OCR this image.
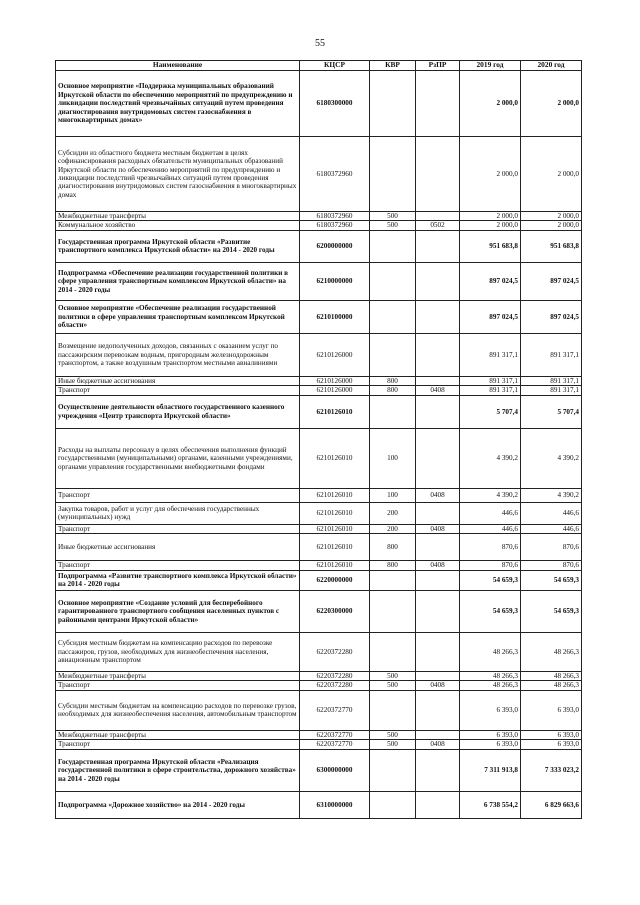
55
Наименование	КЦСР	КВР	РзПР	2019 год	2020 год
Основное мероприятие «Поддержка муниципальных образований Иркутской области по обеспечению мероприятий по предупреждению и ликвидации последствий чрезвычайных ситуаций путем проведения диагностирования внутридомовых систем газоснабжения в многоквартирных домах»	6180300000			2 000,0	2 000,0
Субсидии из областного бюджета местным бюджетам в целях софинансирования расходных обязательств муниципальных образований Иркутской области по обеспечению мероприятий по предупреждению и ликвидации последствий чрезвычайных ситуаций путем проведения диагностирования внутридомовых систем газоснабжения в многоквартирных домах	6180372960			2 000,0	2 000,0
Межбюджетные трансферты	6180372960	500		2 000,0	2 000,0
Коммунальное хозяйство	6180372960	500	0502	2 000,0	2 000,0
Государственная программа Иркутской области «Развитие транспортного комплекса Иркутской области» на 2014 - 2020 годы	6200000000			951 683,8	951 683,8
Подпрограмма «Обеспечение реализации государственной политики в сфере управления транспортным комплексом Иркутской области» на 2014 - 2020 годы	6210000000			897 024,5	897 024,5
Основное мероприятие «Обеспечение реализации государственной политики в сфере управления транспортным комплексом Иркутской области»	6210100000			897 024,5	897 024,5
Возмещение недополученных доходов, связанных с оказанием услуг по пассажирским перевозкам водным, пригородным железнодорожным транспортом, а также воздушным транспортом местными авиалиниями	6210126000			891 317,1	891 317,1
Иные бюджетные ассигнования	6210126000	800		891 317,1	891 317,1
Транспорт	6210126000	800	0408	891 317,1	891 317,1
Осуществление деятельности областного государственного казенного учреждения «Центр транспорта Иркутской области»	6210126010			5 707,4	5 707,4
Расходы на выплаты персоналу в целях обеспечения выполнения функций государственными (муниципальными) органами, казенными учреждениями, органами управления государственными внебюджетными фондами	6210126010	100		4 390,2	4 390,2
Транспорт	6210126010	100	0408	4 390,2	4 390,2
Закупка товаров, работ и услуг для обеспечения государственных (муниципальных) нужд	6210126010	200		446,6	446,6
Транспорт	6210126010	200	0408	446,6	446,6
Иные бюджетные ассигнования	6210126010	800		870,6	870,6
Транспорт	6210126010	800	0408	870,6	870,6
Подпрограмма «Развитие транспортного комплекса Иркутской области» на 2014 - 2020 годы	6220000000			54 659,3	54 659,3
Основное мероприятие «Создание условий для бесперебойного гарантированного транспортного сообщения населенных пунктов с районными центрами Иркутской области»	6220300000			54 659,3	54 659,3
Субсидия местным бюджетам на компенсацию расходов по перевозке пассажиров, грузов, необходимых для жизнеобеспечения населения, авиационным транспортом	6220372280			48 266,3	48 266,3
Межбюджетные трансферты	6220372280	500		48 266,3	48 266,3
Транспорт	6220372280	500	0408	48 266,3	48 266,3
Субсидии местным бюджетам на компенсацию расходов по перевозке грузов, необходимых для жизнеобеспечения населения, автомобильным транспортом	6220372770			6 393,0	6 393,0
Межбюджетные трансферты	6220372770	500		6 393,0	6 393,0
Транспорт	6220372770	500	0408	6 393,0	6 393,0
Государственная программа Иркутской области «Реализация государственной политики в сфере строительства, дорожного хозяйства» на 2014 - 2020 годы	6300000000			7 311 913,8	7 333 023,2
Подпрограмма «Дорожное хозяйство» на 2014 - 2020 годы	6310000000			6 738 554,2	6 829 663,6
